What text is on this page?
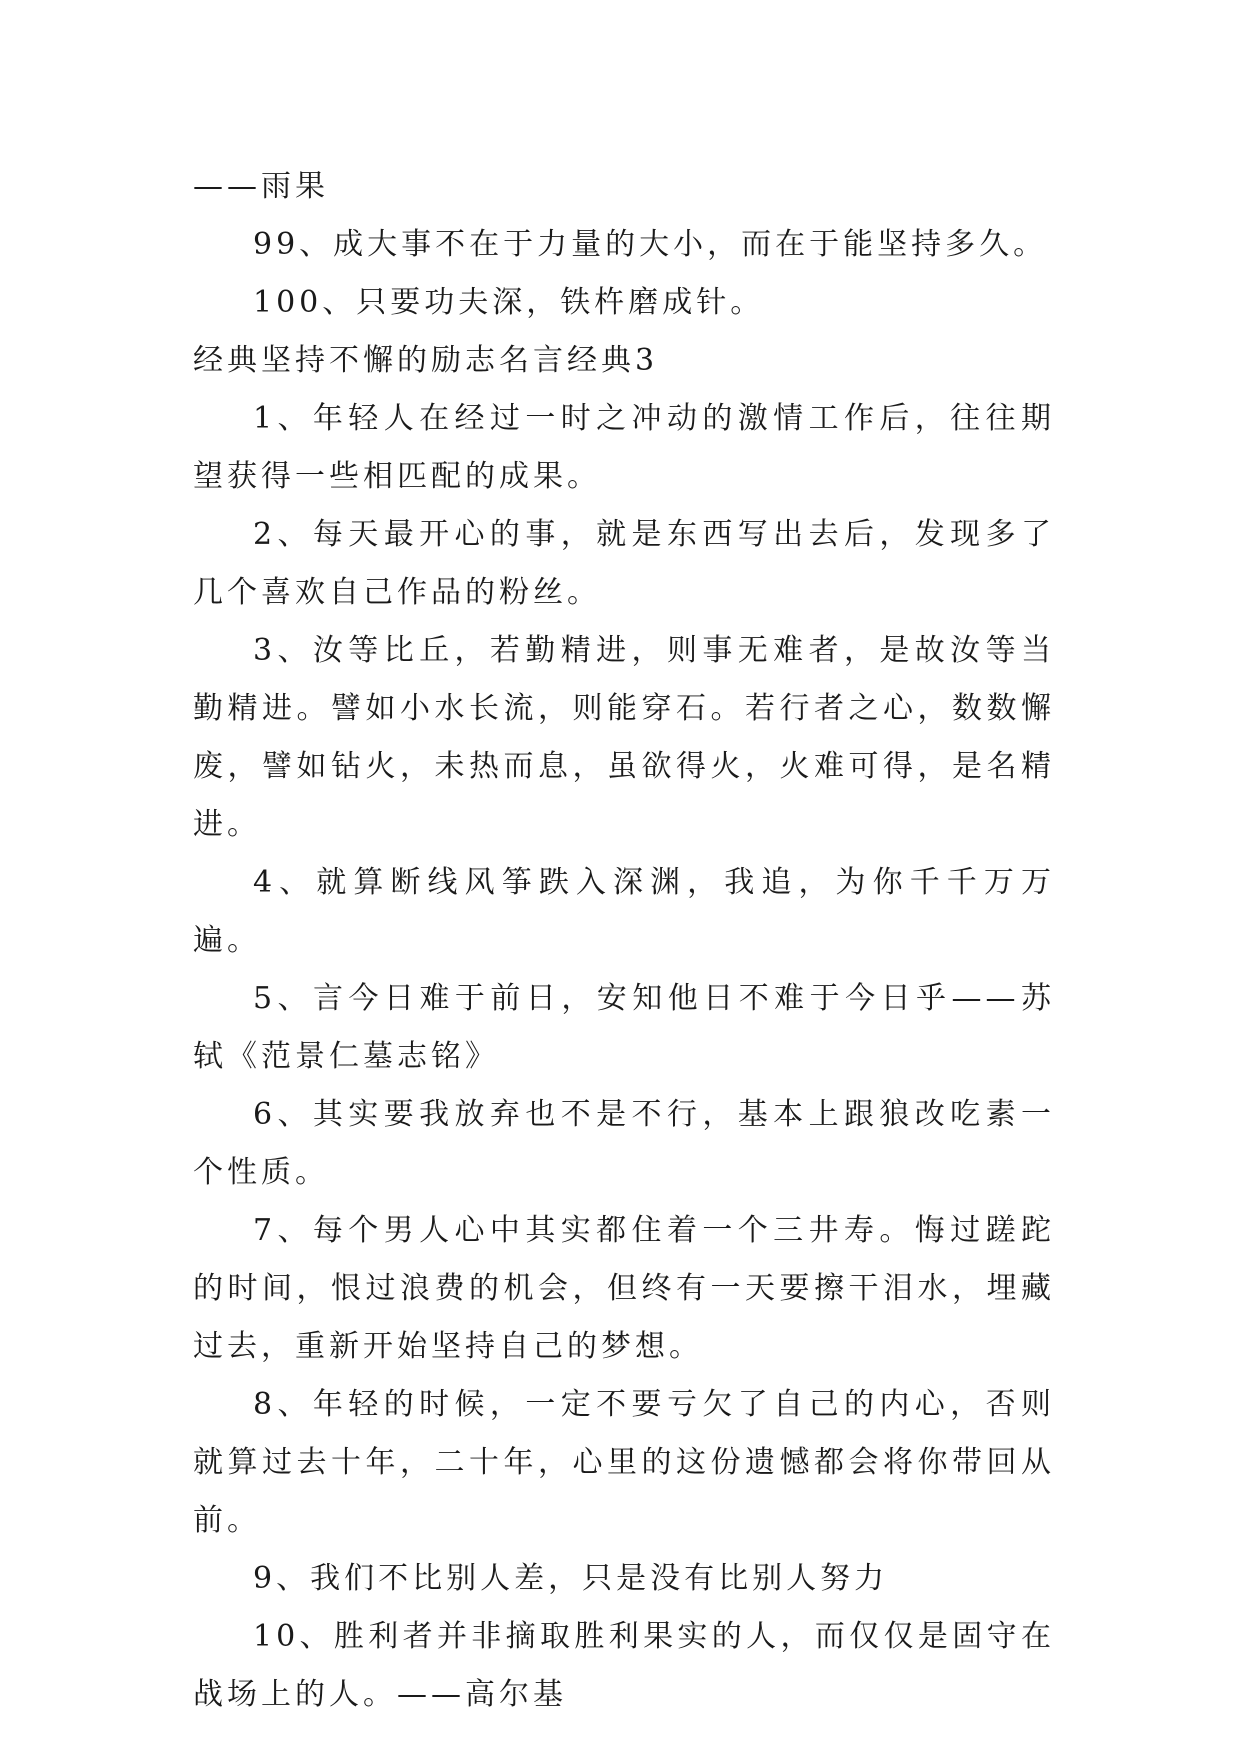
——雨果

99、成大事不在于力量的大小，而在于能坚持多久。

100、只要功夫深，铁杵磨成针。

经典坚持不懈的励志名言经典3

1、年轻人在经过一时之冲动的激情工作后，往往期望获得一些相匹配的成果。

2、每天最开心的事，就是东西写出去后，发现多了几个喜欢自己作品的粉丝。

3、汝等比丘，若勤精进，则事无难者，是故汝等当勤精进。譬如小水长流，则能穿石。若行者之心，数数懈废，譬如钻火，未热而息，虽欲得火，火难可得，是名精进。

4、就算断线风筝跌入深渊，我追，为你千千万万遍。

5、言今日难于前日，安知他日不难于今日乎——苏轼《范景仁墓志铭》

6、其实要我放弃也不是不行，基本上跟狼改吃素一个性质。

7、每个男人心中其实都住着一个三井寿。悔过蹉跎的时间，恨过浪费的机会，但终有一天要擦干泪水，埋藏过去，重新开始坚持自己的梦想。

8、年轻的时候，一定不要亏欠了自己的内心，否则就算过去十年，二十年，心里的这份遗憾都会将你带回从前。

9、我们不比别人差，只是没有比别人努力

10、胜利者并非摘取胜利果实的人，而仅仅是固守在战场上的人。——高尔基
